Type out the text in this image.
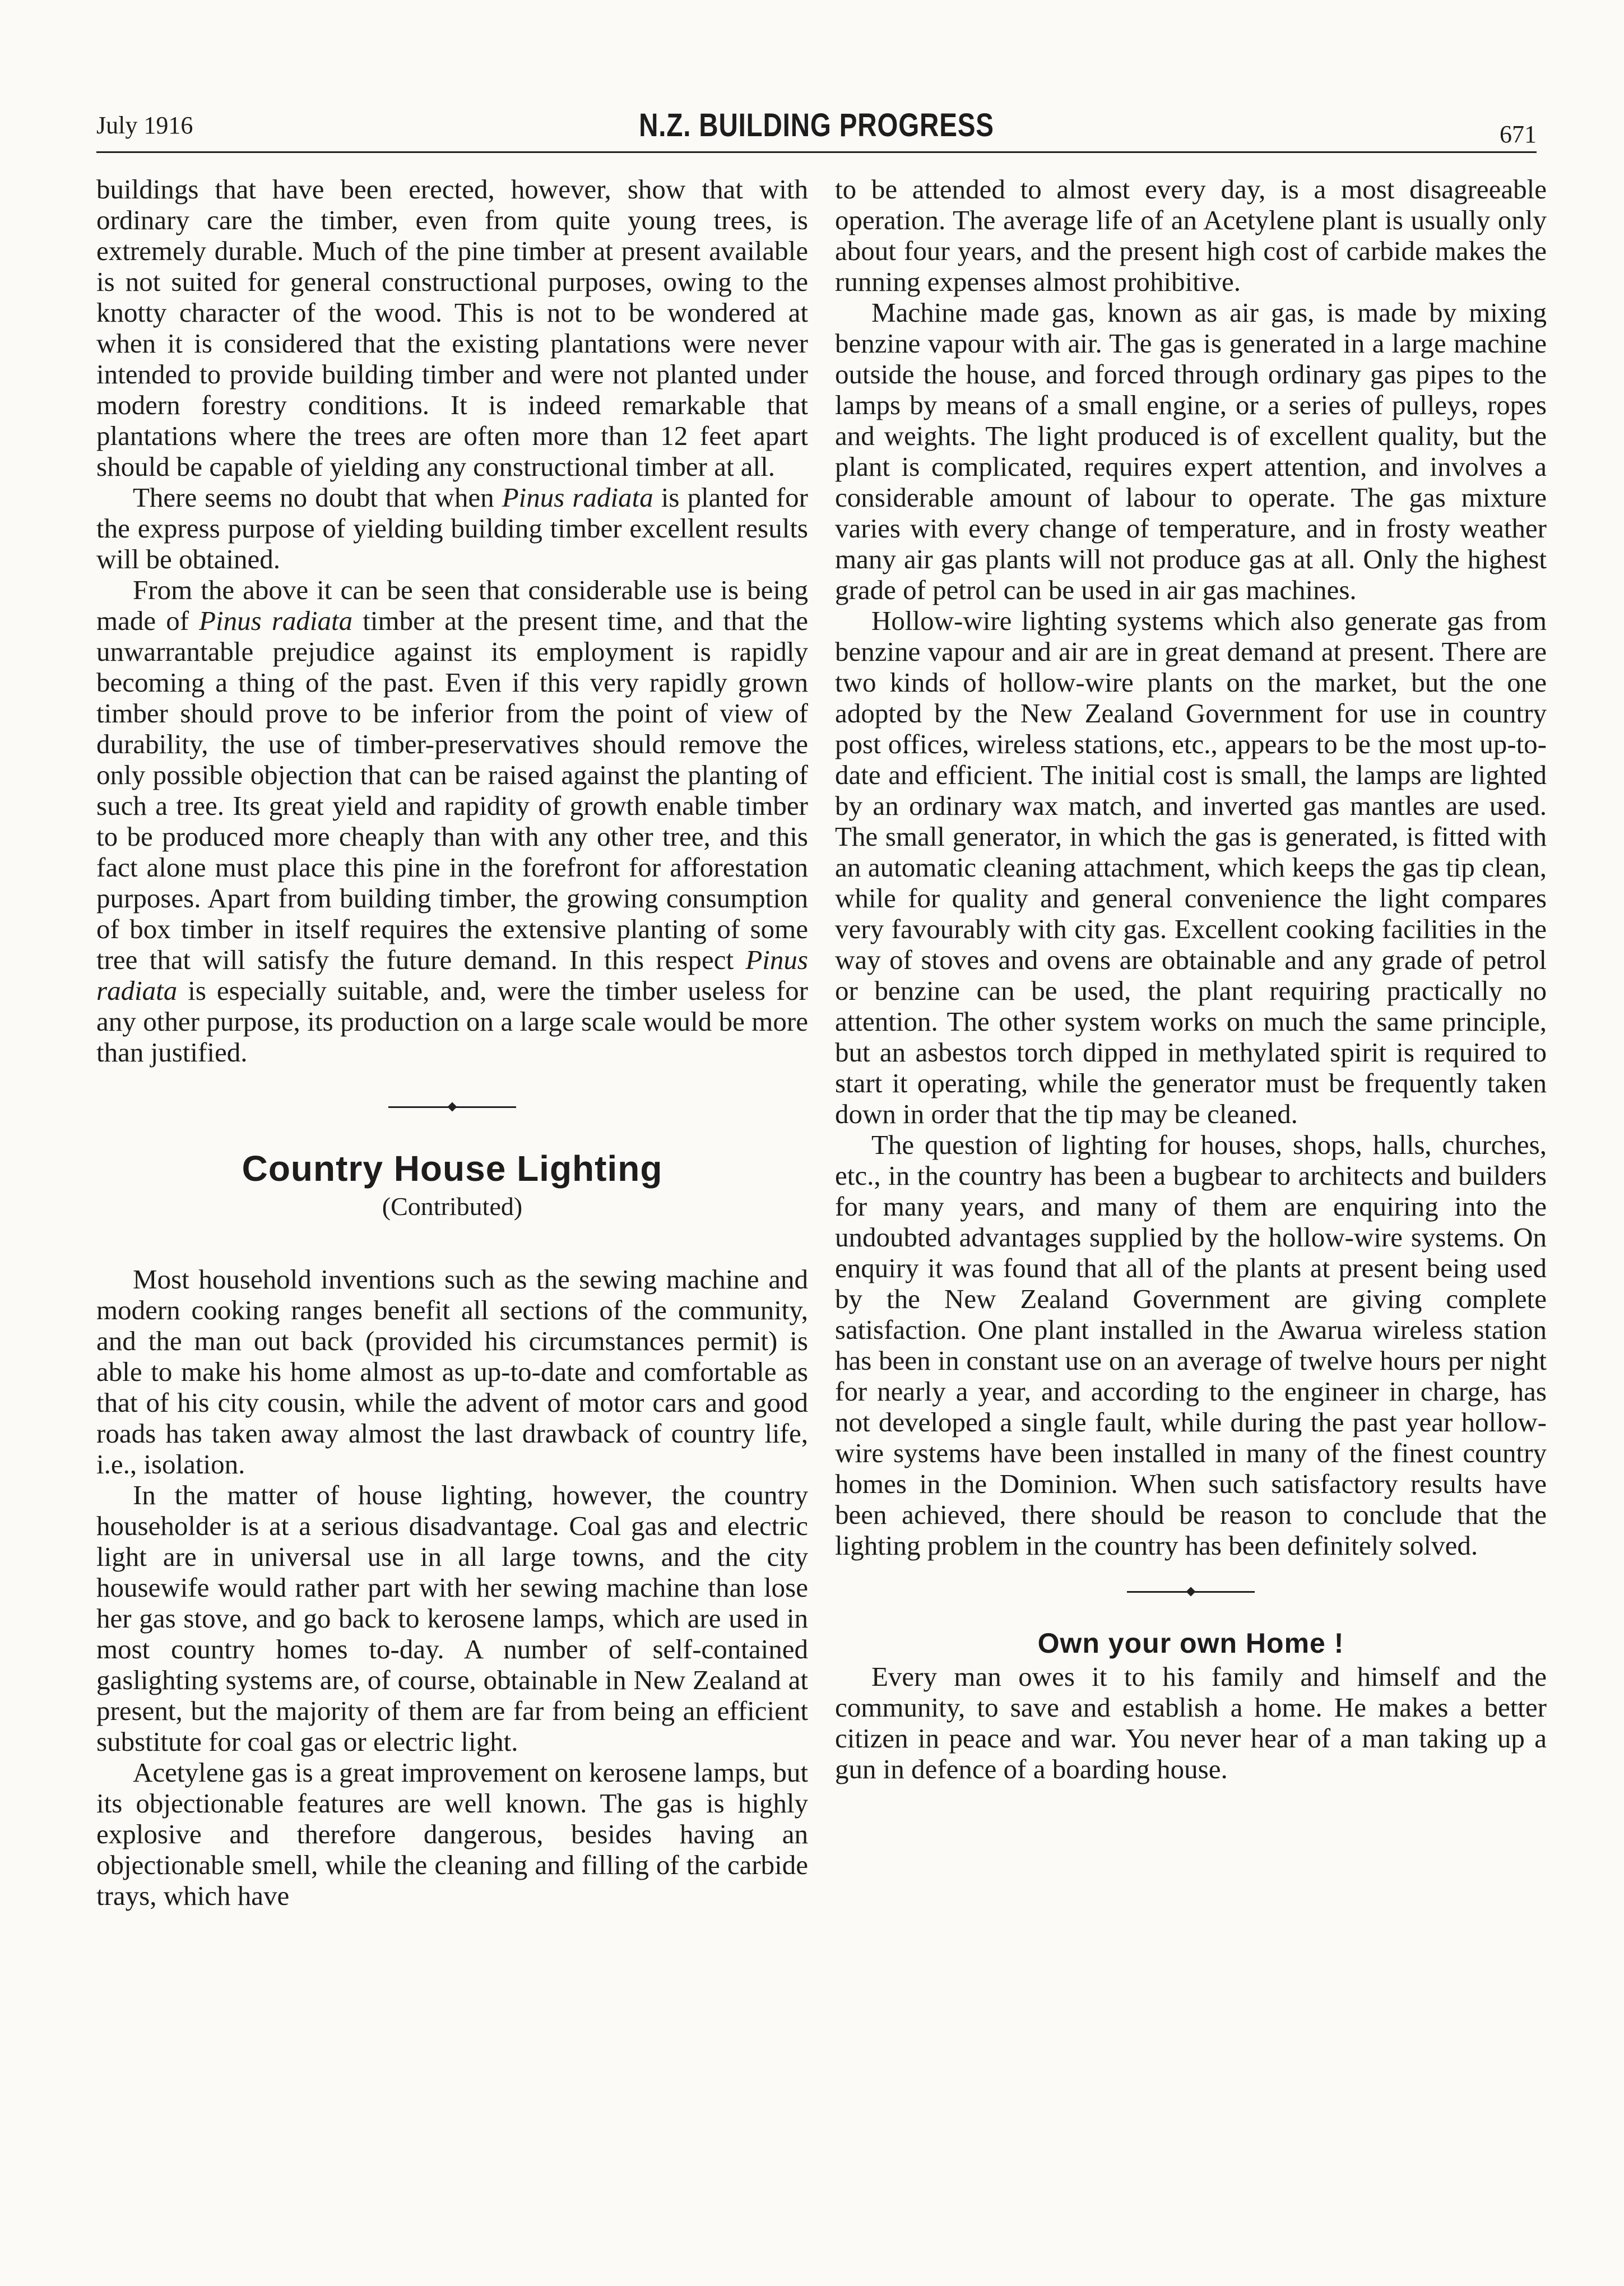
July 1916	N.Z. BUILDING PROGRESS	671

buildings that have been erected, however, show that with ordinary care the timber, even from quite young trees, is extremely durable. Much of the pine timber at present available is not suited for general constructional purposes, owing to the knotty character of the wood. This is not to be wondered at when it is considered that the existing plantations were never intended to provide building timber and were not planted under modern forestry conditions. It is indeed remarkable that plantations where the trees are often more than 12 feet apart should be capable of yielding any constructional timber at all.

There seems no doubt that when Pinus radiata is planted for the express purpose of yielding building timber excellent results will be obtained.

From the above it can be seen that considerable use is being made of Pinus radiata timber at the present time, and that the unwarrantable prejudice against its employment is rapidly becoming a thing of the past. Even if this very rapidly grown timber should prove to be inferior from the point of view of durability, the use of timber-preservatives should remove the only possible objection that can be raised against the planting of such a tree. Its great yield and rapidity of growth enable timber to be produced more cheaply than with any other tree, and this fact alone must place this pine in the forefront for afforestation purposes. Apart from building timber, the growing consumption of box timber in itself requires the extensive planting of some tree that will satisfy the future demand. In this respect Pinus radiata is especially suitable, and, were the timber useless for any other purpose, its production on a large scale would be more than justified.

Country House Lighting
(Contributed)

Most household inventions such as the sewing machine and modern cooking ranges benefit all sections of the community, and the man out back (provided his circumstances permit) is able to make his home almost as up-to-date and comfortable as that of his city cousin, while the advent of motor cars and good roads has taken away almost the last drawback of country life, i.e., isolation.

In the matter of house lighting, however, the country householder is at a serious disadvantage. Coal gas and electric light are in universal use in all large towns, and the city housewife would rather part with her sewing machine than lose her gas stove, and go back to kerosene lamps, which are used in most country homes to-day. A number of self-contained gaslighting systems are, of course, obtainable in New Zealand at present, but the majority of them are far from being an efficient substitute for coal gas or electric light.

Acetylene gas is a great improvement on kerosene lamps, but its objectionable features are well known. The gas is highly explosive and therefore dangerous, besides having an objectionable smell, while the cleaning and filling of the carbide trays, which have

to be attended to almost every day, is a most disagreeable operation. The average life of an Acetylene plant is usually only about four years, and the present high cost of carbide makes the running expenses almost prohibitive.

Machine made gas, known as air gas, is made by mixing benzine vapour with air. The gas is generated in a large machine outside the house, and forced through ordinary gas pipes to the lamps by means of a small engine, or a series of pulleys, ropes and weights. The light produced is of excellent quality, but the plant is complicated, requires expert attention, and involves a considerable amount of labour to operate. The gas mixture varies with every change of temperature, and in frosty weather many air gas plants will not produce gas at all. Only the highest grade of petrol can be used in air gas machines.

Hollow-wire lighting systems which also generate gas from benzine vapour and air are in great demand at present. There are two kinds of hollow-wire plants on the market, but the one adopted by the New Zealand Government for use in country post offices, wireless stations, etc., appears to be the most up-to-date and efficient. The initial cost is small, the lamps are lighted by an ordinary wax match, and inverted gas mantles are used. The small generator, in which the gas is generated, is fitted with an automatic cleaning attachment, which keeps the gas tip clean, while for quality and general convenience the light compares very favourably with city gas. Excellent cooking facilities in the way of stoves and ovens are obtainable and any grade of petrol or benzine can be used, the plant requiring practically no attention. The other system works on much the same principle, but an asbestos torch dipped in methylated spirit is required to start it operating, while the generator must be frequently taken down in order that the tip may be cleaned.

The question of lighting for houses, shops, halls, churches, etc., in the country has been a bugbear to architects and builders for many years, and many of them are enquiring into the undoubted advantages supplied by the hollow-wire systems. On enquiry it was found that all of the plants at present being used by the New Zealand Government are giving complete satisfaction. One plant installed in the Awarua wireless station has been in constant use on an average of twelve hours per night for nearly a year, and according to the engineer in charge, has not developed a single fault, while during the past year hollow-wire systems have been installed in many of the finest country homes in the Dominion. When such satisfactory results have been achieved, there should be reason to conclude that the lighting problem in the country has been definitely solved.

Own your own Home !

Every man owes it to his family and himself and the community, to save and establish a home. He makes a better citizen in peace and war. You never hear of a man taking up a gun in defence of a boarding house.
